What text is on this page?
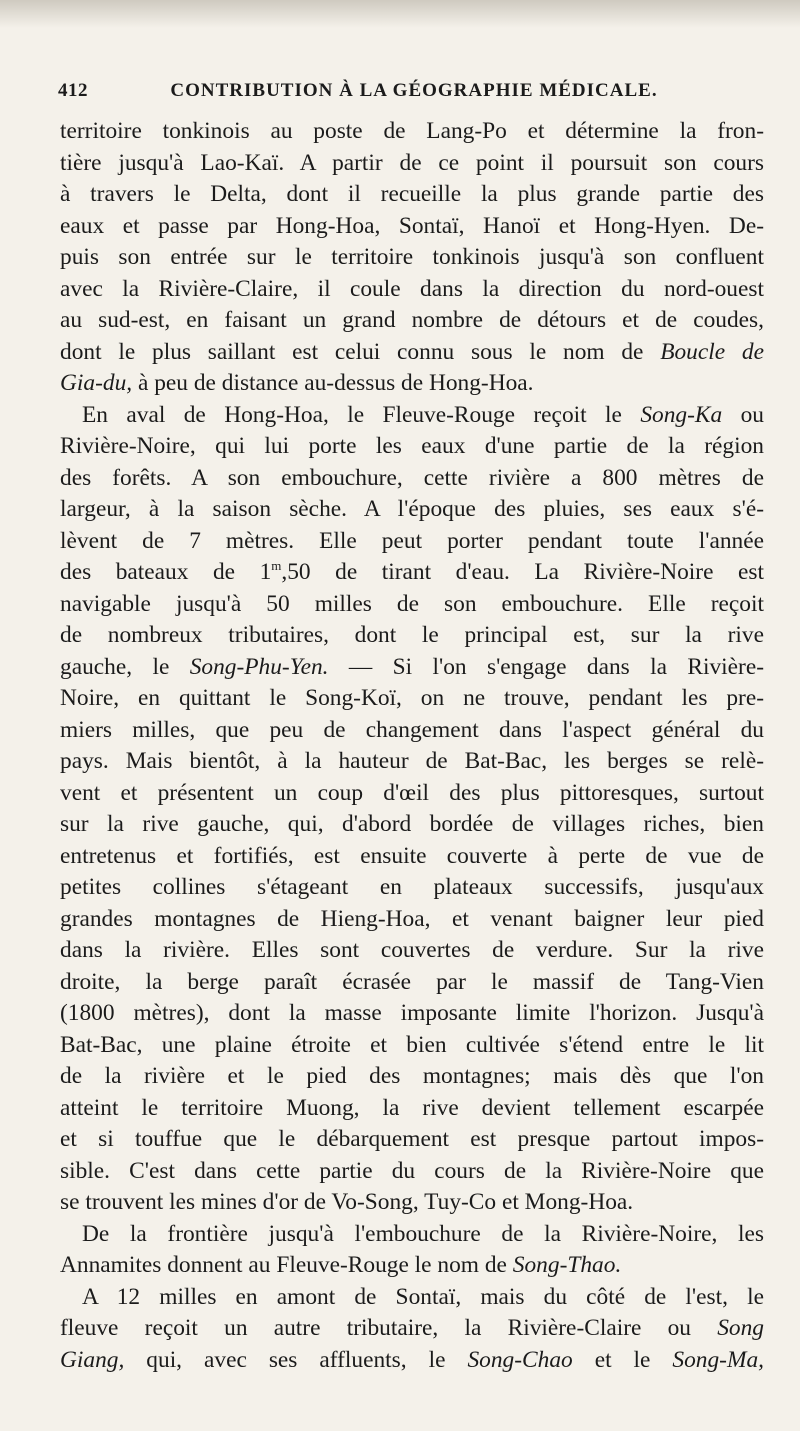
412	CONTRIBUTION À LA GÉOGRAPHIE MÉDICALE.
territoire tonkinois au poste de Lang-Po et détermine la fron-
tière jusqu'à Lao-Kaï. A partir de ce point il poursuit son cours
à travers le Delta, dont il recueille la plus grande partie des
eaux et passe par Hong-Hoa, Sontaï, Hanoï et Hong-Hyen. De-
puis son entrée sur le territoire tonkinois jusqu'à son confluent
avec la Rivière-Claire, il coule dans la direction du nord-ouest
au sud-est, en faisant un grand nombre de détours et de coudes,
dont le plus saillant est celui connu sous le nom de Boucle de
Gia-du, à peu de distance au-dessus de Hong-Hoa.
En aval de Hong-Hoa, le Fleuve-Rouge reçoit le Song-Ka ou
Rivière-Noire, qui lui porte les eaux d'une partie de la région
des forêts. A son embouchure, cette rivière a 800 mètres de
largeur, à la saison sèche. A l'époque des pluies, ses eaux s'é-
lèvent de 7 mètres. Elle peut porter pendant toute l'année
des bateaux de 1$^m$,50 de tirant d'eau. La Rivière-Noire est
navigable jusqu'à 50 milles de son embouchure. Elle reçoit
de nombreux tributaires, dont le principal est, sur la rive
gauche, le Song-Phu-Yen. — Si l'on s'engage dans la Rivière-
Noire, en quittant le Song-Koï, on ne trouve, pendant les pre-
miers milles, que peu de changement dans l'aspect général du
pays. Mais bientôt, à la hauteur de Bat-Bac, les berges se relè-
vent et présentent un coup d'œil des plus pittoresques, surtout
sur la rive gauche, qui, d'abord bordée de villages riches, bien
entretenus et fortifiés, est ensuite couverte à perte de vue de
petites collines s'étageant en plateaux successifs, jusqu'aux
grandes montagnes de Hieng-Hoa, et venant baigner leur pied
dans la rivière. Elles sont couvertes de verdure. Sur la rive
droite, la berge paraît écrasée par le massif de Tang-Vien
(1800 mètres), dont la masse imposante limite l'horizon. Jusqu'à
Bat-Bac, une plaine étroite et bien cultivée s'étend entre le lit
de la rivière et le pied des montagnes; mais dès que l'on
atteint le territoire Muong, la rive devient tellement escarpée
et si touffue que le débarquement est presque partout impos-
sible. C'est dans cette partie du cours de la Rivière-Noire que
se trouvent les mines d'or de Vo-Song, Tuy-Co et Mong-Hoa.
De la frontière jusqu'à l'embouchure de la Rivière-Noire, les
Annamites donnent au Fleuve-Rouge le nom de Song-Thao.
A 12 milles en amont de Sontaï, mais du côté de l'est, le
fleuve reçoit un autre tributaire, la Rivière-Claire ou Song
Giang, qui, avec ses affluents, le Song-Chao et le Song-Ma,
